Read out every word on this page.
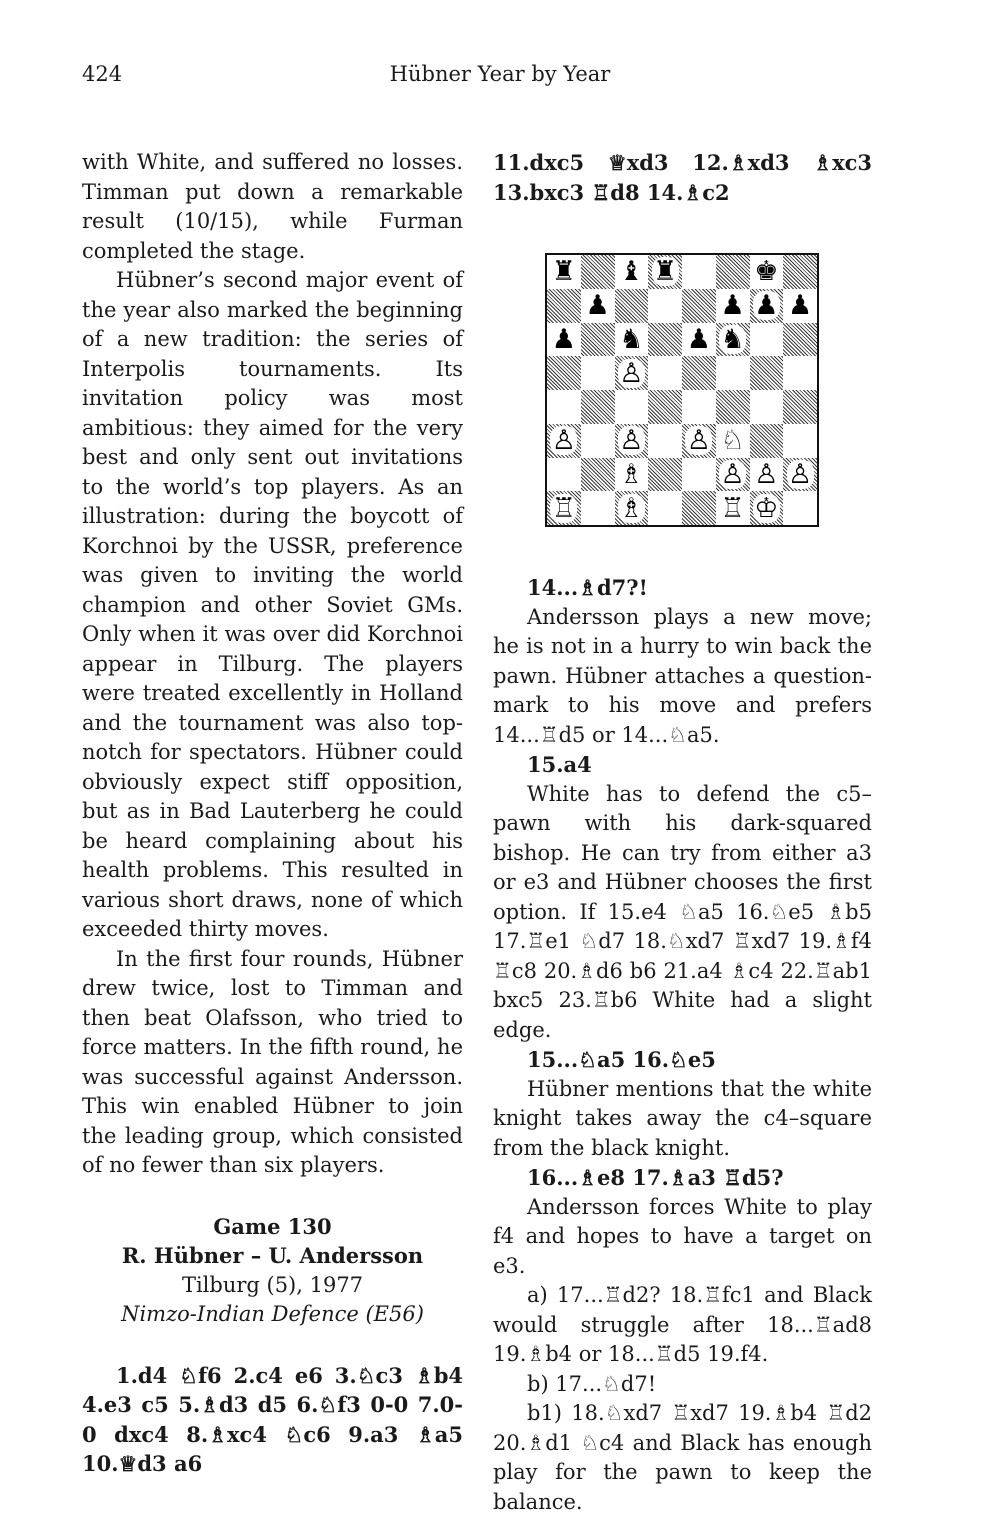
424	Hübner Year by Year

with White, and suffered no losses. Timman put down a remarkable result (10/15), while Furman completed the stage.

Hübner’s second major event of the year also marked the beginning of a new tradition: the series of Interpolis tournaments. Its invitation policy was most ambitious: they aimed for the very best and only sent out invitations to the world’s top players. As an illustration: during the boycott of Korchnoi by the USSR, preference was given to inviting the world champion and other Soviet GMs. Only when it was over did Korchnoi appear in Tilburg. The players were treated excellently in Holland and the tournament was also top-notch for spectators. Hübner could obviously expect stiff opposition, but as in Bad Lauterberg he could be heard complaining about his health problems. This resulted in various short draws, none of which exceeded thirty moves.

In the first four rounds, Hübner drew twice, lost to Timman and then beat Olafsson, who tried to force matters. In the fifth round, he was successful against Andersson. This win enabled Hübner to join the leading group, which consisted of no fewer than six players.

Game 130
R. Hübner – U. Andersson
Tilburg (5), 1977
Nimzo-Indian Defence (E56)

1.d4 ♘f6 2.c4 e6 3.♘c3 ♗b4 4.e3 c5 5.♗d3 d5 6.♘f3 0-0 7.0-0 dxc4 8.♗xc4 ♘c6 9.a3 ♗a5 10.♕d3 a6

11.dxc5 ♕xd3 12.♗xd3 ♗xc3 13.bxc3 ♖d8 14.♗c2

♜ ♝ ♜	♚
♟	♟ ♟ ♟
♟ ♞ ♟ ♞
♙
♙ ♙ ♙ ♘
♗	♙ ♙ ♙
♖ ♗	♖ ♔

14...♗d7?!

Andersson plays a new move; he is not in a hurry to win back the pawn. Hübner attaches a question-mark to his move and prefers 14...♖d5 or 14...♘a5.

15.a4

White has to defend the c5–pawn with his dark-squared bishop. He can try from either a3 or e3 and Hübner chooses the first option. If 15.e4 ♘a5 16.♘e5 ♗b5 17.♖e1 ♘d7 18.♘xd7 ♖xd7 19.♗f4 ♖c8 20.♗d6 b6 21.a4 ♗c4 22.♖ab1 bxc5 23.♖b6 White had a slight edge.

15...♘a5 16.♘e5

Hübner mentions that the white knight takes away the c4–square from the black knight.

16...♗e8 17.♗a3 ♖d5?

Andersson forces White to play f4 and hopes to have a target on e3.

a) 17...♖d2? 18.♖fc1 and Black would struggle after 18...♖ad8 19.♗b4 or 18...♖d5 19.f4.

b) 17...♘d7!

b1) 18.♘xd7 ♖xd7 19.♗b4 ♖d2 20.♗d1 ♘c4 and Black has enough play for the pawn to keep the balance.
